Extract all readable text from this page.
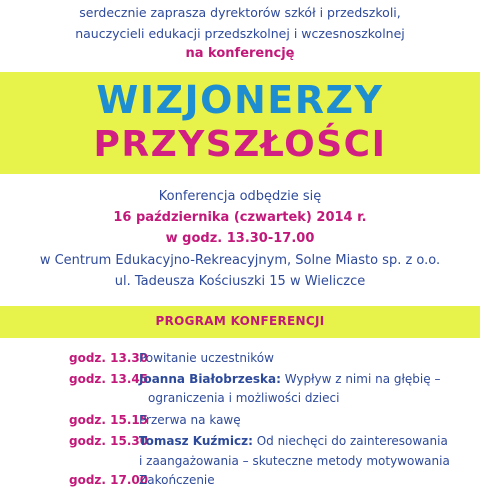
serdecznie zaprasza dyrektorów szkół i przedszkoli,
nauczycieli edukacji przedszkolnej i wczesnoszkolnej
na konferencję
WIZJONERZY
PRZYSZŁOŚCI
Konferencja odbędzie się
16 października (czwartek) 2014 r.
w godz. 13.30-17.00
w Centrum Edukacyjno-Rekreacyjnym, Solne Miasto sp. z o.o.
ul. Tadeusza Kościuszki 15 w Wieliczce
PROGRAM KONFERENCJI
godz. 13.30
Powitanie uczestników
godz. 13.45
Joanna Białobrzeska: Wypływ z nimi na głębię –
ograniczenia i możliwości dzieci
godz. 15.15
Przerwa na kawę
godz. 15.30
Tomasz Kuźmicz: Od niechęci do zainteresowania
i zaangażowania – skuteczne metody motywowania
godz. 17.00
Zakończenie
